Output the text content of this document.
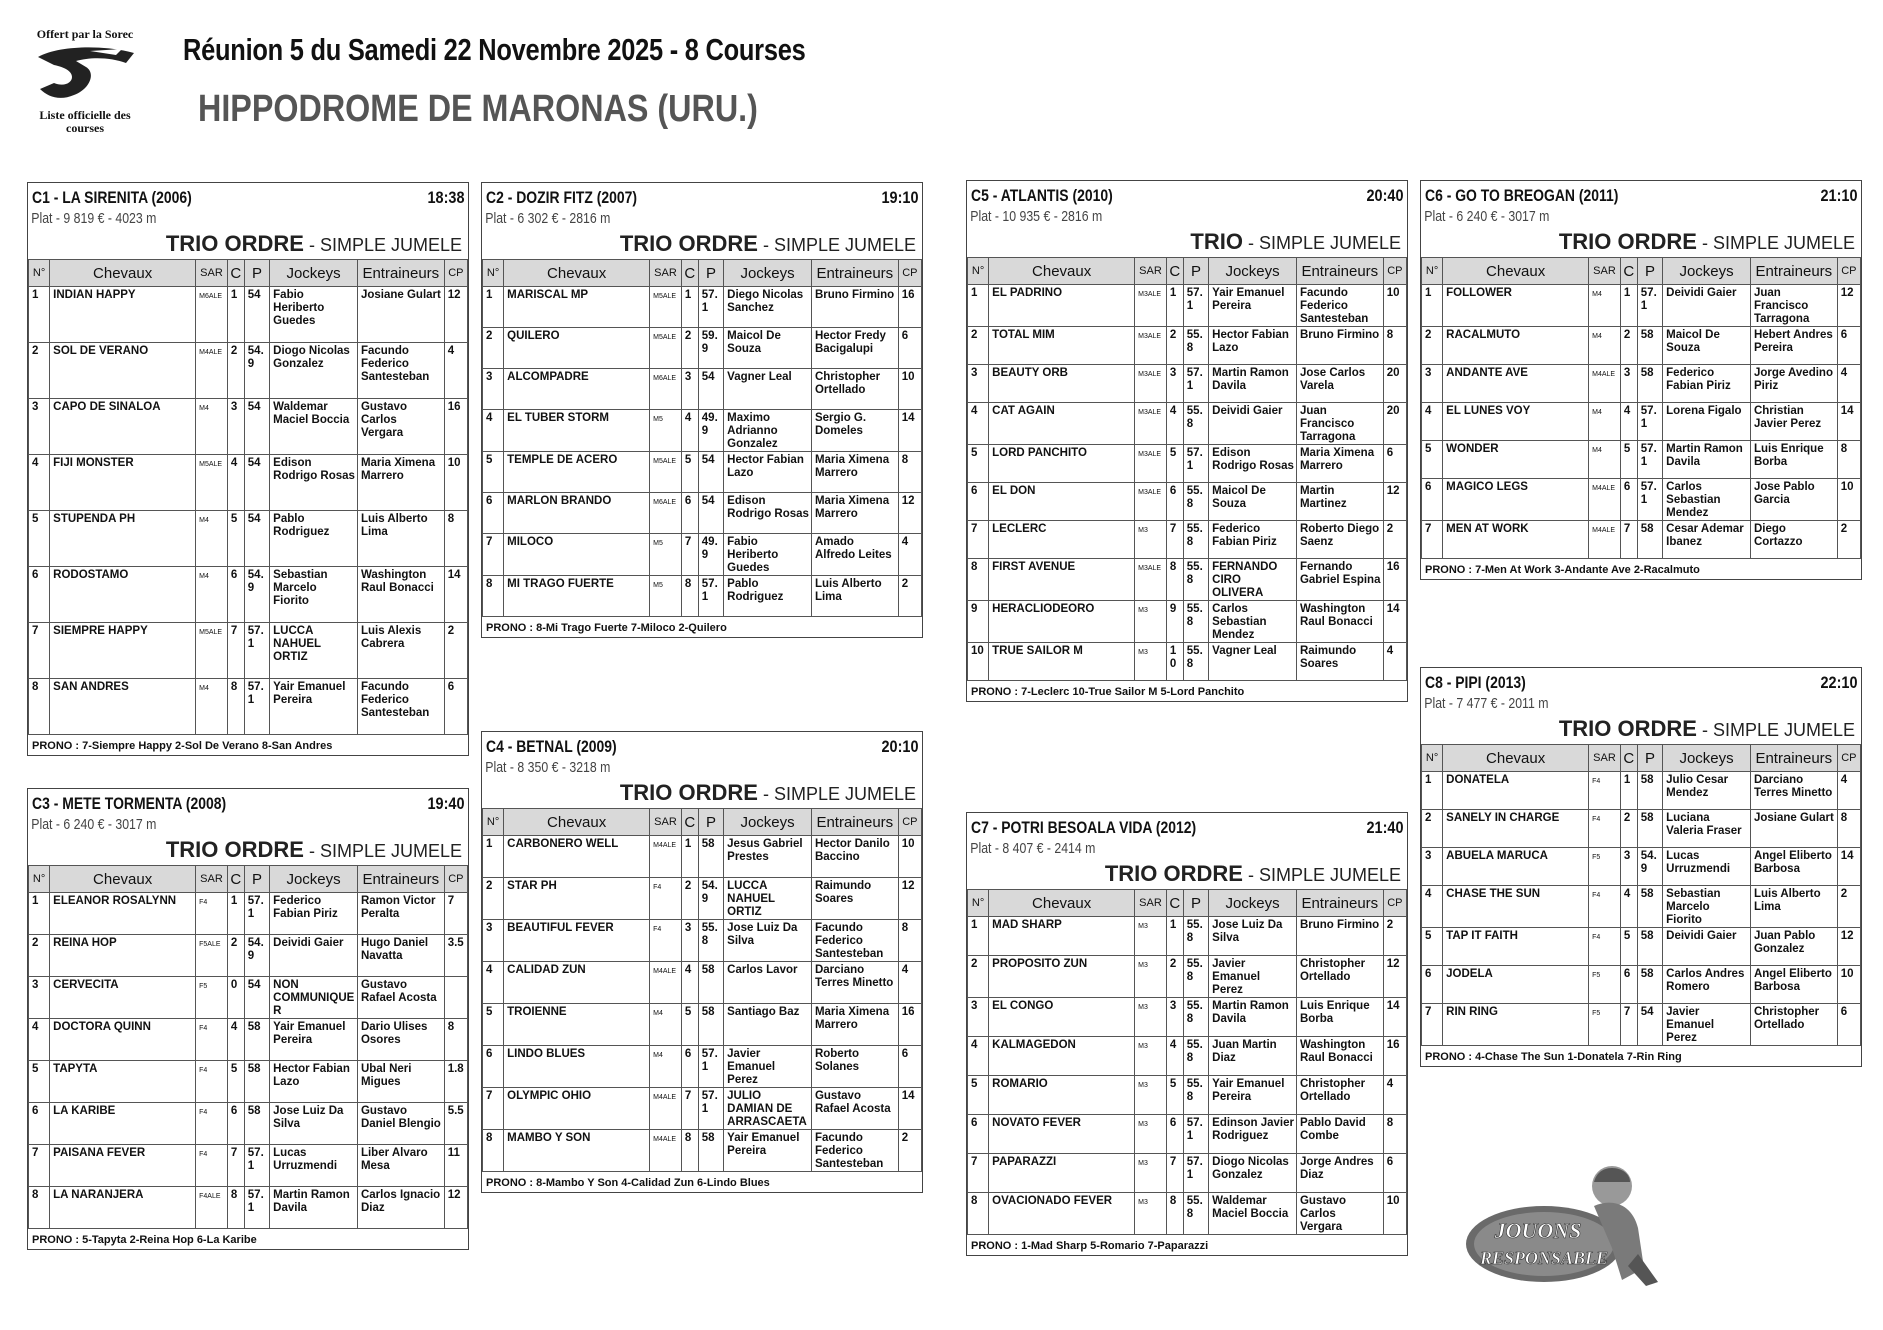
Offert par la Sorec
Liste officielle des courses
Réunion 5 du Samedi 22 Novembre 2025 - 8 Courses
HIPPODROME DE MARONAS (URU.)
C1 - LA SIRENITA (2006)	18:38
Plat - 9 819 € - 4023 m
TRIO ORDRE - SIMPLE JUMELE
N°	Chevaux	SAR	C	P	Jockeys	Entraineurs	CP
1	INDIAN HAPPY	M6ALE	1	54	Fabio Heriberto Guedes	Josiane Gulart	12
2	SOL DE VERANO	M4ALE	2	54.9	Diogo Nicolas Gonzalez	Facundo Federico Santesteban	4
3	CAPO DE SINALOA	M4	3	54	Waldemar Maciel Boccia	Gustavo Carlos Vergara	16
4	FIJI MONSTER	M5ALE	4	54	Edison Rodrigo Rosas	Maria Ximena Marrero	10
5	STUPENDA PH	M4	5	54	Pablo Rodriguez	Luis Alberto Lima	8
6	RODOSTAMO	M4	6	54.9	Sebastian Marcelo Fiorito	Washington Raul Bonacci	14
7	SIEMPRE HAPPY	M5ALE	7	57.1	LUCCA NAHUEL ORTIZ	Luis Alexis Cabrera	2
8	SAN ANDRES	M4	8	57.1	Yair Emanuel Pereira	Facundo Federico Santesteban	6
PRONO : 7-Siempre Happy 2-Sol De Verano 8-San Andres
C2 - DOZIR FITZ (2007)	19:10
Plat - 6 302 € - 2816 m
TRIO ORDRE - SIMPLE JUMELE
N°	Chevaux	SAR	C	P	Jockeys	Entraineurs	CP
1	MARISCAL MP	M5ALE	1	57.1	Diego Nicolas Sanchez	Bruno Firmino	16
2	QUILERO	M5ALE	2	59.9	Maicol De Souza	Hector Fredy Bacigalupi	6
3	ALCOMPADRE	M6ALE	3	54	Vagner Leal	Christopher Ortellado	10
4	EL TUBER STORM	M5	4	49.9	Maximo Adrianno Gonzalez	Sergio G. Domeles	14
5	TEMPLE DE ACERO	M5ALE	5	54	Hector Fabian Lazo	Maria Ximena Marrero	8
6	MARLON BRANDO	M6ALE	6	54	Edison Rodrigo Rosas	Maria Ximena Marrero	12
7	MILOCO	M5	7	49.9	Fabio Heriberto Guedes	Amado Alfredo Leites	4
8	MI TRAGO FUERTE	M5	8	57.1	Pablo Rodriguez	Luis Alberto Lima	2
PRONO : 8-Mi Trago Fuerte 7-Miloco 2-Quilero
C3 - METE TORMENTA (2008)	19:40
Plat - 6 240 € - 3017 m
TRIO ORDRE - SIMPLE JUMELE
N°	Chevaux	SAR	C	P	Jockeys	Entraineurs	CP
1	ELEANOR ROSALYNN	F4	1	57.1	Federico Fabian Piriz	Ramon Victor Peralta	7
2	REINA HOP	F5ALE	2	54.9	Deividi Gaier	Hugo Daniel Navatta	3.5
3	CERVECITA	F5	0	54	NON COMMUNIQUER	Gustavo Rafael Acosta	
4	DOCTORA QUINN	F4	4	58	Yair Emanuel Pereira	Dario Ulises Osores	8
5	TAPYTA	F4	5	58	Hector Fabian Lazo	Ubal Neri Migues	1.8
6	LA KARIBE	F4	6	58	Jose Luiz Da Silva	Gustavo Daniel Blengio	5.5
7	PAISANA FEVER	F4	7	57.1	Lucas Urruzmendi	Liber Alvaro Mesa	11
8	LA NARANJERA	F4ALE	8	57.1	Martin Ramon Davila	Carlos Ignacio Diaz	12
PRONO : 5-Tapyta 2-Reina Hop 6-La Karibe
C4 - BETNAL (2009)	20:10
Plat - 8 350 € - 3218 m
TRIO ORDRE - SIMPLE JUMELE
N°	Chevaux	SAR	C	P	Jockeys	Entraineurs	CP
1	CARBONERO WELL	M4ALE	1	58	Jesus Gabriel Prestes	Hector Danilo Baccino	10
2	STAR PH	F4	2	54.9	LUCCA NAHUEL ORTIZ	Raimundo Soares	12
3	BEAUTIFUL FEVER	F4	3	55.8	Jose Luiz Da Silva	Facundo Federico Santesteban	8
4	CALIDAD ZUN	M4ALE	4	58	Carlos Lavor	Darciano Terres Minetto	4
5	TROIENNE	M4	5	58	Santiago Baz	Maria Ximena Marrero	16
6	LINDO BLUES	M4	6	57.1	Javier Emanuel Perez	Roberto Solanes	6
7	OLYMPIC OHIO	M4ALE	7	57.1	JULIO DAMIAN DE ARRASCAETA	Gustavo Rafael Acosta	14
8	MAMBO Y SON	M4ALE	8	58	Yair Emanuel Pereira	Facundo Federico Santesteban	2
PRONO : 8-Mambo Y Son 4-Calidad Zun 6-Lindo Blues
C5 - ATLANTIS (2010)	20:40
Plat - 10 935 € - 2816 m
TRIO - SIMPLE JUMELE
N°	Chevaux	SAR	C	P	Jockeys	Entraineurs	CP
1	EL PADRINO	M3ALE	1	57.1	Yair Emanuel Pereira	Facundo Federico Santesteban	10
2	TOTAL MIM	M3ALE	2	55.8	Hector Fabian Lazo	Bruno Firmino	8
3	BEAUTY ORB	M3ALE	3	57.1	Martin Ramon Davila	Jose Carlos Varela	20
4	CAT AGAIN	M3ALE	4	55.8	Deividi Gaier	Juan Francisco Tarragona	20
5	LORD PANCHITO	M3ALE	5	57.1	Edison Rodrigo Rosas	Maria Ximena Marrero	6
6	EL DON	M3ALE	6	55.8	Maicol De Souza	Martin Martinez	12
7	LECLERC	M3	7	55.8	Federico Fabian Piriz	Roberto Diego Saenz	2
8	FIRST AVENUE	M3ALE	8	55.8	FERNANDO CIRO OLIVERA	Fernando Gabriel Espina	16
9	HERACLIODEORO	M3	9	55.8	Carlos Sebastian Mendez	Washington Raul Bonacci	14
10	TRUE SAILOR M	M3	10	55.8	Vagner Leal	Raimundo Soares	4
PRONO : 7-Leclerc 10-True Sailor M 5-Lord Panchito
C6 - GO TO BREOGAN (2011)	21:10
Plat - 6 240 € - 3017 m
TRIO ORDRE - SIMPLE JUMELE
N°	Chevaux	SAR	C	P	Jockeys	Entraineurs	CP
1	FOLLOWER	M4	1	57.1	Deividi Gaier	Juan Francisco Tarragona	12
2	RACALMUTO	M4	2	58	Maicol De Souza	Hebert Andres Pereira	6
3	ANDANTE AVE	M4ALE	3	58	Federico Fabian Piriz	Jorge Avedino Piriz	4
4	EL LUNES VOY	M4	4	57.1	Lorena Figalo	Christian Javier Perez	14
5	WONDER	M4	5	57.1	Martin Ramon Davila	Luis Enrique Borba	8
6	MAGICO LEGS	M4ALE	6	57.1	Carlos Sebastian Mendez	Jose Pablo Garcia	10
7	MEN AT WORK	M4ALE	7	58	Cesar Ademar Ibanez	Diego Cortazzo	2
PRONO : 7-Men At Work 3-Andante Ave 2-Racalmuto
C7 - POTRI BESOALA VIDA (2012)	21:40
Plat - 8 407 € - 2414 m
TRIO ORDRE - SIMPLE JUMELE
N°	Chevaux	SAR	C	P	Jockeys	Entraineurs	CP
1	MAD SHARP	M3	1	55.8	Jose Luiz Da Silva	Bruno Firmino	2
2	PROPOSITO ZUN	M3	2	55.8	Javier Emanuel Perez	Christopher Ortellado	12
3	EL CONGO	M3	3	55.8	Martin Ramon Davila	Luis Enrique Borba	14
4	KALMAGEDON	M3	4	55.8	Juan Martin Diaz	Washington Raul Bonacci	16
5	ROMARIO	M3	5	55.8	Yair Emanuel Pereira	Christopher Ortellado	4
6	NOVATO FEVER	M3	6	57.1	Edinson Javier Rodriguez	Pablo David Combe	8
7	PAPARAZZI	M3	7	57.1	Diogo Nicolas Gonzalez	Jorge Andres Diaz	6
8	OVACIONADO FEVER	M3	8	55.8	Waldemar Maciel Boccia	Gustavo Carlos Vergara	10
PRONO : 1-Mad Sharp 5-Romario 7-Paparazzi
C8 - PIPI (2013)	22:10
Plat - 7 477 € - 2011 m
TRIO ORDRE - SIMPLE JUMELE
N°	Chevaux	SAR	C	P	Jockeys	Entraineurs	CP
1	DONATELA	F4	1	58	Julio Cesar Mendez	Darciano Terres Minetto	4
2	SANELY IN CHARGE	F4	2	58	Luciana Valeria Fraser	Josiane Gulart	8
3	ABUELA MARUCA	F5	3	54.9	Lucas Urruzmendi	Angel Eliberto Barbosa	14
4	CHASE THE SUN	F4	4	58	Sebastian Marcelo Fiorito	Luis Alberto Lima	2
5	TAP IT FAITH	F4	5	58	Deividi Gaier	Juan Pablo Gonzalez	12
6	JODELA	F5	6	58	Carlos Andres Romero	Angel Eliberto Barbosa	10
7	RIN RING	F5	7	54	Javier Emanuel Perez	Christopher Ortellado	6
PRONO : 4-Chase The Sun 1-Donatela 7-Rin Ring
JOUONS
RESPONSABLE
